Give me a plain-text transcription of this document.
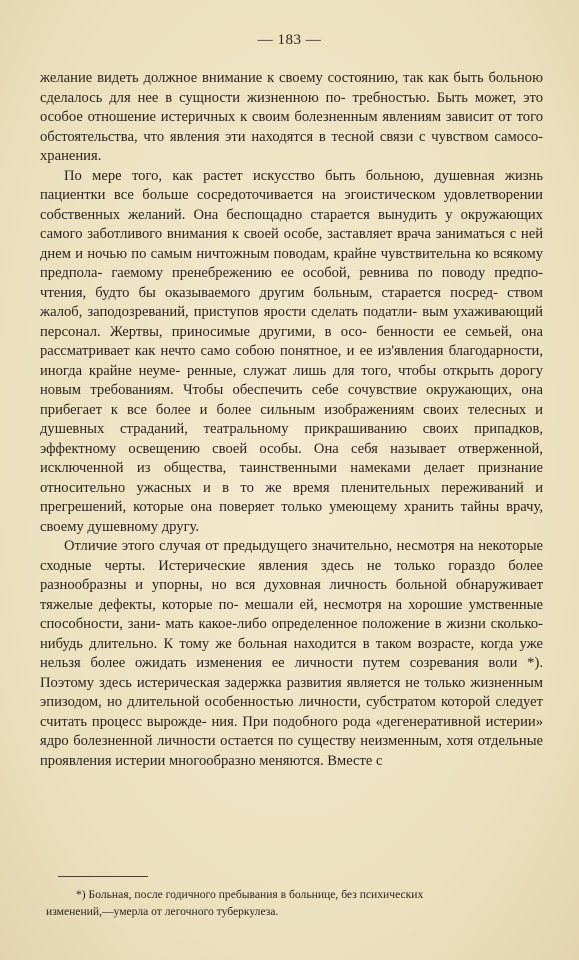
— 183 —

желание видеть должное внимание к своему состоянию, так как быть больною сделалось для нее в сущности жизненною по- требностью. Быть может, это особое отношение истеричных к своим болезненным явлениям зависит от того обстоятельства, что явления эти находятся в тесной связи с чувством самосо- хранения.

По мере того, как растет искусство быть больною, душевная жизнь пациентки все больше сосредоточивается на эгоистическом удовлетворении собственных желаний. Она беспощадно старается вынудить у окружающих самого заботливого внимания к своей особе, заставляет врача заниматься с ней днем и ночью по самым ничтожным поводам, крайне чувствительна ко всякому предпола- гаемому пренебрежению ее особой, ревнива по поводу предпо- чтения, будто бы оказываемого другим больным, старается посред- ством жалоб, заподозреваний, приступов ярости сделать податли- вым ухаживающий персонал. Жертвы, приносимые другими, в осо- бенности ее семьей, она рассматривает как нечто само собою понятное, и ее из'явления благодарности, иногда крайне неуме- ренные, служат лишь для того, чтобы открыть дорогу новым требованиям. Чтобы обеспечить себе сочувствие окружающих, она прибегает к все более и более сильным изображениям своих телесных и душевных страданий, театральному прикрашиванию своих припадков, эффектному освещению своей особы. Она себя называет отверженной, исключенной из общества, таинственными намеками делает признание относительно ужасных и в то же время пленительных переживаний и прегрешений, которые она поверяет только умеющему хранить тайны врачу, своему душевному другу.

Отличие этого случая от предыдущего значительно, несмотря на некоторые сходные черты. Истерические явления здесь не только гораздо более разнообразны и упорны, но вся духовная личность больной обнаруживает тяжелые дефекты, которые по- мешали ей, несмотря на хорошие умственные способности, зани- мать какое-либо определенное положение в жизни сколько-нибудь длительно. К тому же больная находится в таком возрасте, когда уже нельзя более ожидать изменения ее личности путем созревания воли *). Поэтому здесь истерическая задержка развития является не только жизненным эпизодом, но длительной особенностью личности, субстратом которой следует считать процесс вырожде- ния. При подобного рода «дегенеративной истерии» ядро болезненной личности остается по существу неизменным, хотя отдельные проявления истерии многообразно меняются. Вместе с

*) Больная, после годичного пребывания в больнице, без психических
изменений,—умерла от легочного туберкулеза.
